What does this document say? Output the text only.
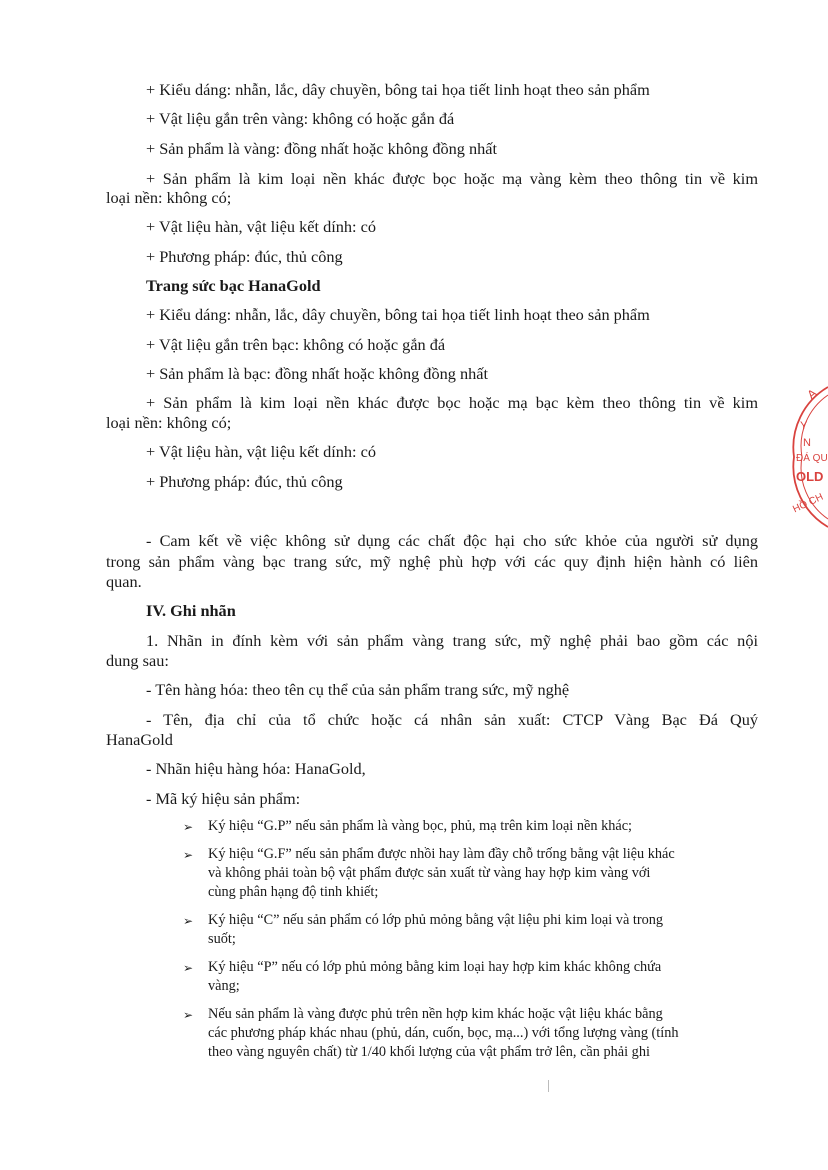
+ Kiểu dáng: nhẫn, lắc, dây chuyền, bông tai họa tiết linh hoạt theo sản phẩm
+ Vật liệu gắn trên vàng: không có hoặc gắn đá
+ Sản phẩm là vàng: đồng nhất hoặc không đồng nhất
+ Sản phẩm là kim loại nền khác được bọc hoặc mạ vàng kèm theo thông tin về kim
loại nền: không có;
+ Vật liệu hàn, vật liệu kết dính: có
+ Phương pháp: đúc, thủ công
Trang sức bạc HanaGold
+ Kiểu dáng: nhẫn, lắc, dây chuyền, bông tai họa tiết linh hoạt theo sản phẩm
+ Vật liệu gắn trên bạc: không có hoặc gắn đá
+ Sản phẩm là bạc: đồng nhất hoặc không đồng nhất
+ Sản phẩm là kim loại nền khác được bọc hoặc mạ bạc kèm theo thông tin về kim
loại nền: không có;
+ Vật liệu hàn, vật liệu kết dính: có
+ Phương pháp: đúc, thủ công
- Cam kết về việc không sử dụng các chất độc hại cho sức khỏe của người sử dụng
trong sản phẩm vàng bạc trang sức, mỹ nghệ phù hợp với các quy định hiện hành có liên
quan.
IV. Ghi nhãn
1. Nhãn in đính kèm với sản phẩm vàng trang sức, mỹ nghệ phải bao gồm các nội
dung sau:
- Tên hàng hóa: theo tên cụ thể của sản phẩm trang sức, mỹ nghệ
- Tên, địa chỉ của tổ chức hoặc cá nhân sản xuất: CTCP Vàng Bạc Đá Quý
HanaGold
- Nhãn hiệu hàng hóa: HanaGold,
- Mã ký hiệu sản phẩm:
➢ Ký hiệu “G.P” nếu sản phẩm là vàng bọc, phủ, mạ trên kim loại nền khác;
➢ Ký hiệu “G.F” nếu sản phẩm được nhồi hay làm đầy chỗ trống bằng vật liệu khác
và không phải toàn bộ vật phẩm được sản xuất từ vàng hay hợp kim vàng với
cùng phân hạng độ tinh khiết;
➢ Ký hiệu “C” nếu sản phẩm có lớp phủ mỏng bằng vật liệu phi kim loại và trong
suốt;
➢ Ký hiệu “P” nếu có lớp phủ mỏng bằng kim loại hay hợp kim khác không chứa
vàng;
➢ Nếu sản phẩm là vàng được phủ trên nền hợp kim khác hoặc vật liệu khác bằng
các phương pháp khác nhau (phủ, dán, cuốn, bọc, mạ...) với tổng lượng vàng (tính
theo vàng nguyên chất) từ 1/40 khối lượng của vật phẩm trở lên, cần phải ghi
A
Y
N
ĐÁ QU
OLD
HỒ CH
